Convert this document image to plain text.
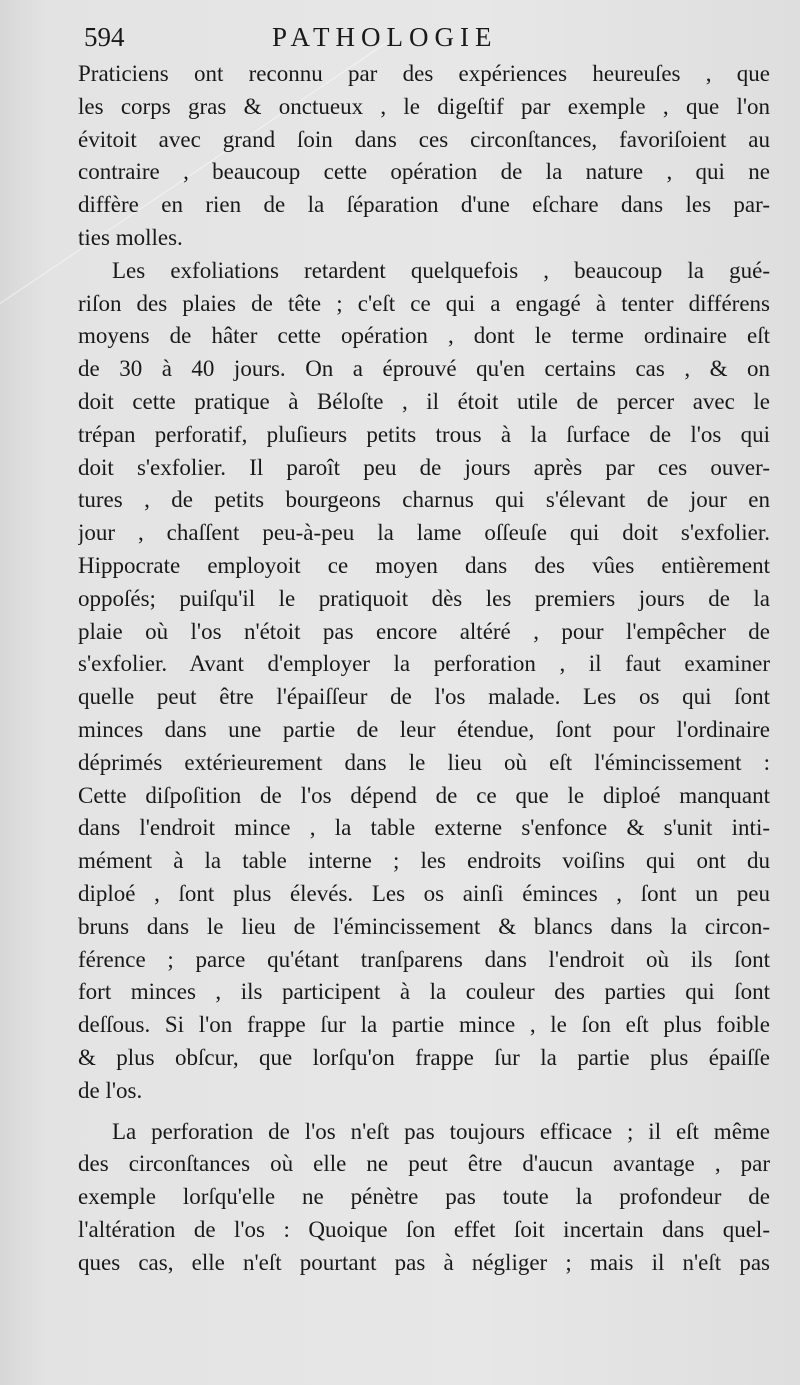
594	PATHOLOGIE
Praticiens ont reconnu par des expériences heureuſes , que
les corps gras & onctueux , le digeſtif par exemple , que l'on
évitoit avec grand ſoin dans ces circonſtances, favoriſoient au
contraire , beaucoup cette opération de la nature , qui ne
diffère en rien de la ſéparation d'une eſchare dans les par-
ties molles.
Les exfoliations retardent quelquefois , beaucoup la gué-
riſon des plaies de tête ; c'eſt ce qui a engagé à tenter différens
moyens de hâter cette opération , dont le terme ordinaire eſt
de 30 à 40 jours. On a éprouvé qu'en certains cas , & on
doit cette pratique à Béloſte , il étoit utile de percer avec le
trépan perforatif, pluſieurs petits trous à la ſurface de l'os qui
doit s'exfolier. Il paroît peu de jours après par ces ouver-
tures , de petits bourgeons charnus qui s'élevant de jour en
jour , chaſſent peu-à-peu la lame oſſeuſe qui doit s'exfolier.
Hippocrate employoit ce moyen dans des vûes entièrement
oppoſés; puiſqu'il le pratiquoit dès les premiers jours de la
plaie où l'os n'étoit pas encore altéré , pour l'empêcher de
s'exfolier. Avant d'employer la perforation , il faut examiner
quelle peut être l'épaiſſeur de l'os malade. Les os qui ſont
minces dans une partie de leur étendue, ſont pour l'ordinaire
déprimés extérieurement dans le lieu où eſt l'émincissement :
Cette diſpoſition de l'os dépend de ce que le diploé manquant
dans l'endroit mince , la table externe s'enfonce & s'unit inti-
mément à la table interne ; les endroits voiſins qui ont du
diploé , ſont plus élevés. Les os ainſi éminces , ſont un peu
bruns dans le lieu de l'émincissement & blancs dans la circon-
férence ; parce qu'étant tranſparens dans l'endroit où ils ſont
fort minces , ils participent à la couleur des parties qui ſont
deſſous. Si l'on frappe ſur la partie mince , le ſon eſt plus foible
& plus obſcur, que lorſqu'on frappe ſur la partie plus épaiſſe
de l'os.
La perforation de l'os n'eſt pas toujours efficace ; il eſt même
des circonſtances où elle ne peut être d'aucun avantage , par
exemple lorſqu'elle ne pénètre pas toute la profondeur de
l'altération de l'os : Quoique ſon effet ſoit incertain dans quel-
ques cas, elle n'eſt pourtant pas à négliger ; mais il n'eſt pas
